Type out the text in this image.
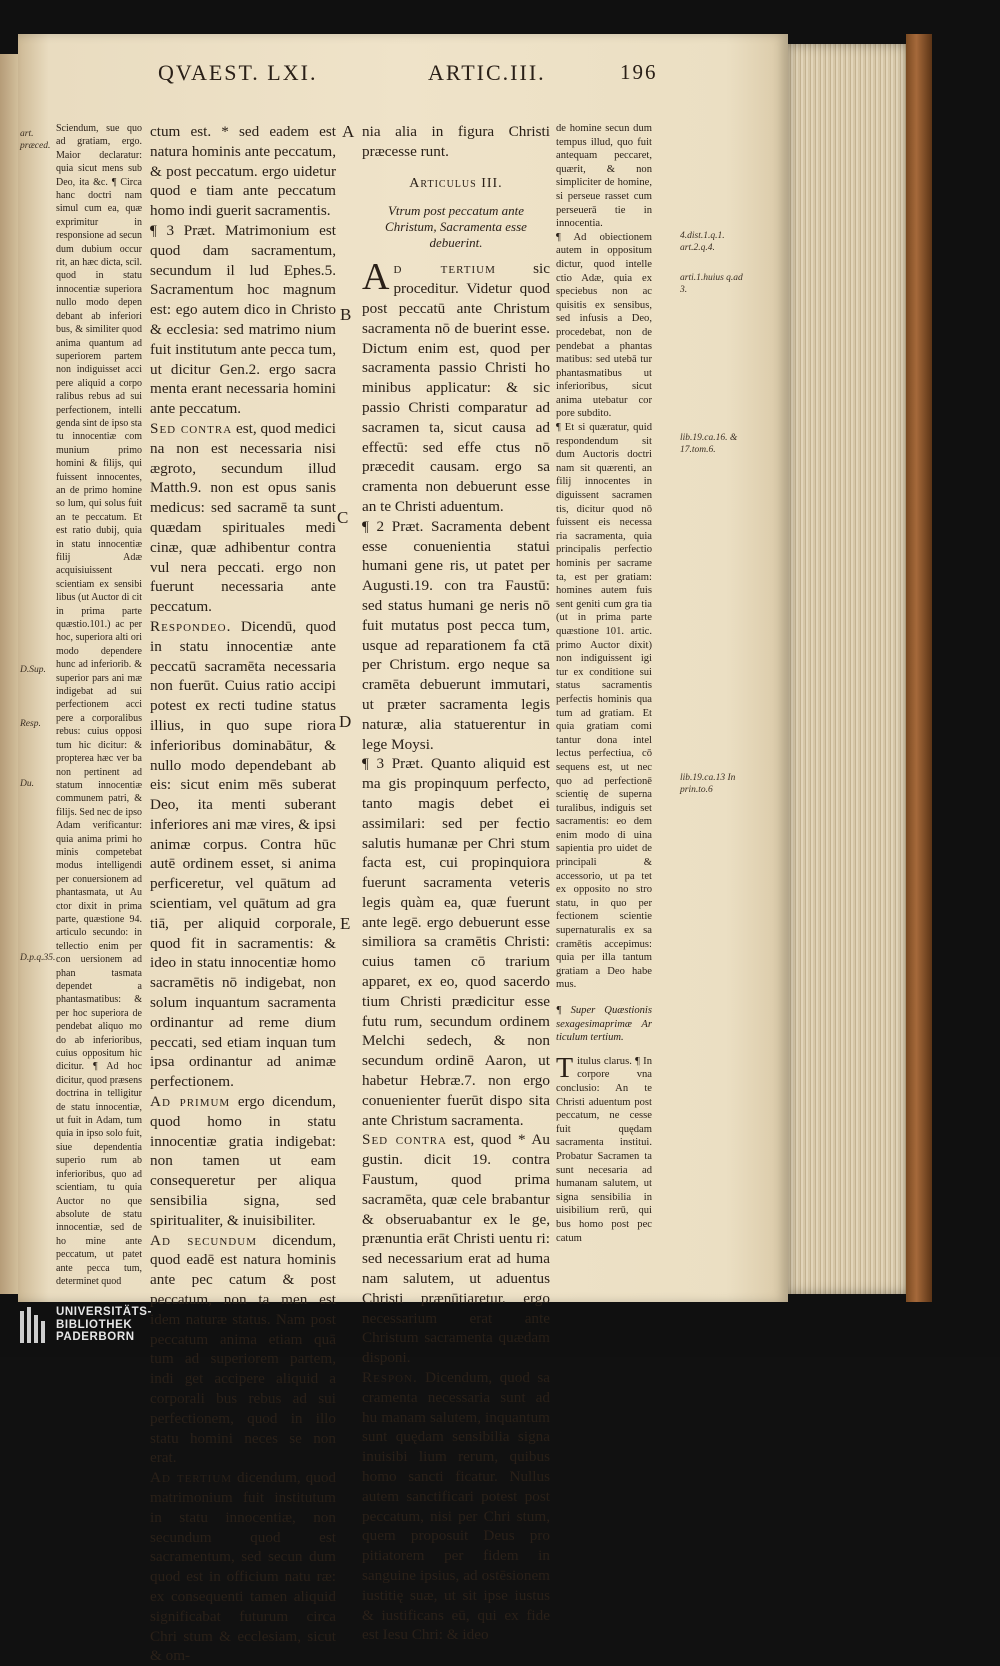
QVAEST. LXI.	ARTIC.III.	196

Sciendum, sue quo ad gratiam, ergo. Maior declaratur: quia sicut mens sub Deo, ita &c. ¶ Circa hanc doctri nam simul cum ea, quæ exprimitur in responsione ad secun dum dubium occur rit, an hæc dicta, scil. quod in statu innocentiæ superiora nullo modo depen debant ab inferiori bus, & similiter quod anima quantum ad superiorem partem non indiguisset acci pere aliquid a corpo ralibus rebus ad sui perfectionem, intelli genda sint de ipso sta tu innocentiæ com munium primo homini & filijs, qui fuissent innocentes, an de primo homine so lum, qui solus fuit an te peccatum. Et est ratio dubij, quia in statu innocentiæ filij Adæ acquisiuissent scientiam ex sensibi libus (ut Auctor di cit in prima parte quæstio.101.) ac per hoc, superiora alti ori modo dependere hunc ad inferiorib. & superior pars ani mæ indigebat ad sui perfectionem acci pere a corporalibus rebus: cuius opposi tum hic dicitur: & propterea hæc ver ba non pertinent ad statum innocentiæ communem patri, & filijs. Sed nec de ipso Adam verificantur: quia anima primi ho minis competebat modus intelligendi per conuersionem ad phantasmata, ut Au ctor dixit in prima parte, quæstione 94. articulo secundo: in tellectio enim per con uersionem ad phan tasmata dependet a phantasmatibus: & per hoc superiora de pendebat aliquo mo do ab inferioribus, cuius oppositum hic dicitur. ¶ Ad hoc dicitur, quod præsens doctrina in telligitur de statu innocentiæ, ut fuit in Adam, tum quia in ipso solo fuit, siue dependentia superio rum ab inferioribus, quo ad scientiam, tu quia Auctor no que absolute de statu innocentiæ, sed de ho mine ante peccatum, ut patet ante pecca tum, determinet quod

art. præced.
D.Sup.
Resp.
Du.
D.p.q.35.

ctum est. * sed eadem est natura hominis ante peccatum, & post peccatum. ergo uidetur quod e tiam ante peccatum homo indi guerit sacramentis.

¶ 3 Præt. Matrimonium est quod dam sacramentum, secundum il lud Ephes.5. Sacramentum hoc magnum est: ego autem dico in Christo & ecclesia: sed matrimo nium fuit institutum ante pecca tum, ut dicitur Gen.2. ergo sacra menta erant necessaria homini ante peccatum.

Sed contra est, quod medici na non est necessaria nisi ægroto, secundum illud Matth.9. non est opus sanis medicus: sed sacramē ta sunt quædam spirituales medi cinæ, quæ adhibentur contra vul nera peccati. ergo non fuerunt necessaria ante peccatum.

Respondeo. Dicendū, quod in statu innocentiæ ante peccatū sacramēta necessaria non fuerūt. Cuius ratio accipi potest ex recti tudine status illius, in quo supe riora inferioribus dominabātur, & nullo modo dependebant ab eis: sicut enim mēs suberat Deo, ita menti suberant inferiores ani mæ vires, & ipsi animæ corpus. Contra hūc autē ordinem esset, si anima perficeretur, vel quātum ad scientiam, vel quātum ad gra tiā, per aliquid corporale, quod fit in sacramentis: & ideo in statu innocentiæ homo sacramētis nō indigebat, non solum inquantum sacramenta ordinantur ad reme dium peccati, sed etiam inquan tum ipsa ordinantur ad animæ perfectionem.

Ad primum ergo dicendum, quod homo in statu innocentiæ gratia indigebat: non tamen ut eam consequeretur per aliqua sensibilia signa, sed spiritualiter, & inuisibiliter.

Ad secundum dicendum, quod eadē est natura hominis ante pec catum & post peccatum, non ta men est idem naturæ status. Nam post peccatum anima etiam quā tum ad superiorem partem, indi get accipere aliquid a corporali bus rebus ad sui perfectionem, quod in illo statu homini neces se non erat.

Ad tertium dicendum, quod matrimonium fuit institutum in statu innocentiæ, non secundum quod est sacramentum, sed secun dum quod est in officium natu ræ: ex consequenti tamen aliquid significabat futurum circa Chri stum & ecclesiam, sicut & om-

A
B
C
D
E

nia alia in figura Christi præcesse runt.

Articulus III.

Vtrum post peccatum ante Christum, Sacramenta esse debuerint.

Ad tertium sic proceditur. Videtur quod post peccatū ante Christum sacramenta nō de buerint esse. Dictum enim est, quod per sacramenta passio Christi ho minibus applicatur: & sic passio Christi comparatur ad sacramen ta, sicut causa ad effectū: sed effe ctus nō præcedit causam. ergo sa cramenta non debuerunt esse an te Christi aduentum.

¶ 2 Præt. Sacramenta debent esse conuenientia statui humani gene ris, ut patet per Augusti.19. con tra Faustū: sed status humani ge neris nō fuit mutatus post pecca tum, usque ad reparationem fa ctā per Christum. ergo neque sa cramēta debuerunt immutari, ut præter sacramenta legis naturæ, alia statuerentur in lege Moysi.

¶ 3 Præt. Quanto aliquid est ma gis propinquum perfecto, tanto magis debet ei assimilari: sed per fectio salutis humanæ per Chri stum facta est, cui propinquiora fuerunt sacramenta veteris legis quàm ea, quæ fuerunt ante legē. ergo debuerunt esse similiora sa cramētis Christi: cuius tamen cō trarium apparet, ex eo, quod sacerdo tium Christi prædicitur esse futu rum, secundum ordinem Melchi sedech, & non secundum ordinē Aaron, ut habetur Hebræ.7. non ergo conuenienter fuerūt dispo sita ante Christum sacramenta.

Sed contra est, quod * Au gustin. dicit 19. contra Faustum, quod prima sacramēta, quæ cele brabantur & obseruabantur ex le ge, prænuntia erāt Christi uentu ri: sed necessarium erat ad huma nam salutem, ut aduentus Christi prænūtiaretur. ergo necessarium erat ante Christum sacramenta quædam disponi.

Respon. Dicendum, quod sa cramenta necessaria sunt ad hu manam salutem, inquantum sunt quędam sensibilia signa inuisibi lium rerum, quibus homo sancti ficatur. Nullus autem sanctificari potest post peccatum, nisi per Chri stum, quem proposuit Deus pro pitiatorem per fidem in sanguine ipsius, ad ostēsionem iustitię suæ, ut sit ipse iustus & iustificans eū, qui ex fide est Iesu Chri: & ideo

de homine secun dum tempus illud, quo fuit antequam peccaret, quærit, & non simpliciter de homine, si perseue rasset cum perseuerā tie in innocentia.

¶ Ad obiectionem autem in oppositum dictur, quod intelle ctio Adæ, quia ex speciebus non ac quisitis ex sensibus, sed infusis a Deo, procedebat, non de pendebat a phantas matibus: sed utebā tur phantasmatibus ut inferioribus, sicut anima utebatur cor pore subdito.

¶ Et si quæratur, quid respondendum sit dum Auctoris doctri nam sit quærenti, an filij innocentes in diguissent sacramen tis, dicitur quod nō fuissent eis necessa ria sacramenta, quia principalis perfectio hominis per sacrame ta, est per gratiam: homines autem fuis sent geniti cum gra tia (ut in prima parte quæstione 101. artic. primo Auctor dixit) non indiguissent igi tur ex conditione sui status sacramentis perfectis hominis qua tum ad gratiam. Et quia gratiam comi tantur dona intel lectus perfectiua, cō sequens est, ut nec quo ad perfectionē scientię de superna turalibus, indiguis set sacramentis: eo dem enim modo di uina sapientia pro uidet de principali & accessorio, ut pa tet ex opposito no stro statu, in quo per fectionem scientie supernaturalis ex sa cramētis accepimus: quia per illa tantum gratiam a Deo habe mus.

¶ Super Quæstionis sexagesimaprimæ Ar ticulum tertium.

Titulus clarus. ¶ In corpore vna conclusio: An te Christi aduentum post peccatum, ne cesse fuit quędam sacramenta institui. Probatur Sacramen ta sunt necesaria ad humanam salutem, ut signa sensibilia in uisibilium rerū, qui bus homo post pec catum

4.dist.1.q.1. art.2.q.4.
arti.1.huius q.ad 3.
lib.19.ca.16. & 17.tom.6.
lib.19.ca.13 In prin.to.6
UNIVERSITÄTS-
BIBLIOTHEK
PADERBORN
